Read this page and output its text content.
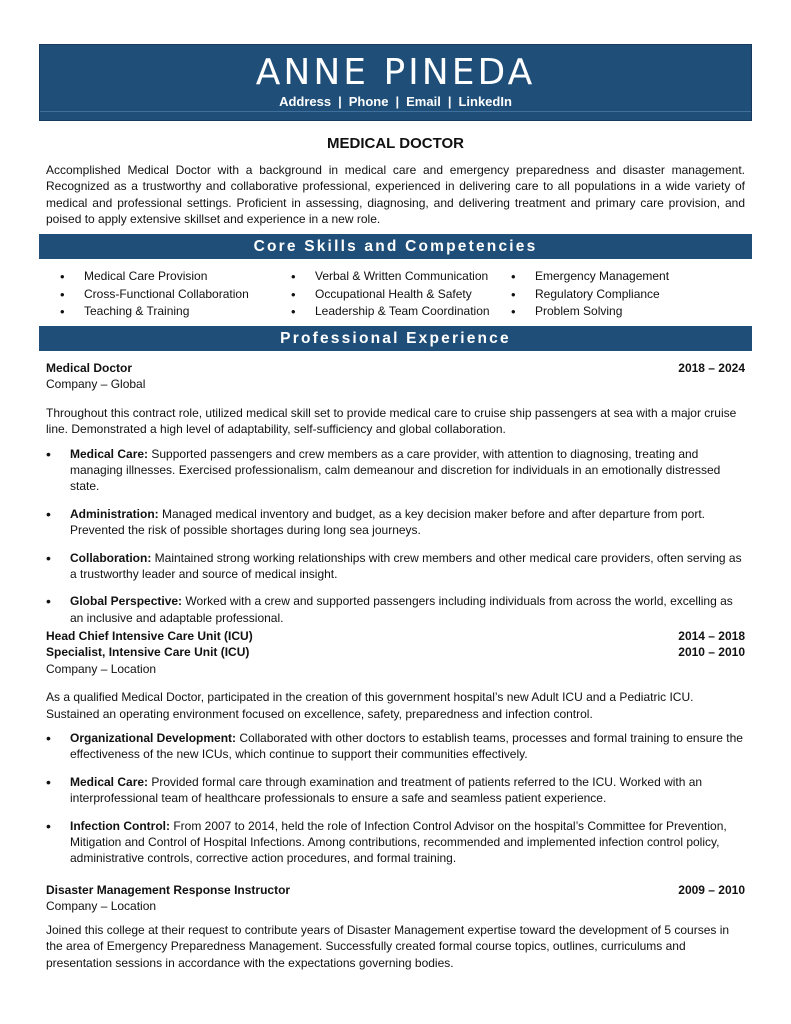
ANNE PINEDA
Address | Phone | Email | LinkedIn
MEDICAL DOCTOR

Accomplished Medical Doctor with a background in medical care and emergency preparedness and disaster management. Recognized as a trustworthy and collaborative professional, experienced in delivering care to all populations in a wide variety of medical and professional settings. Proficient in assessing, diagnosing, and delivering treatment and primary care provision, and poised to apply extensive skillset and experience in a new role.

Core Skills and Competencies
• Medical Care Provision
• Cross-Functional Collaboration
• Teaching & Training
• Verbal & Written Communication
• Occupational Health & Safety
• Leadership & Team Coordination
• Emergency Management
• Regulatory Compliance
• Problem Solving
Professional Experience
Medical Doctor	2018 – 2024
Company – Global
Throughout this contract role, utilized medical skill set to provide medical care to cruise ship passengers at sea with a major cruise line. Demonstrated a high level of adaptability, self-sufficiency and global collaboration.
• Medical Care: Supported passengers and crew members as a care provider, with attention to diagnosing, treating and managing illnesses. Exercised professionalism, calm demeanour and discretion for individuals in an emotionally distressed state.
• Administration: Managed medical inventory and budget, as a key decision maker before and after departure from port. Prevented the risk of possible shortages during long sea journeys.
• Collaboration: Maintained strong working relationships with crew members and other medical care providers, often serving as a trustworthy leader and source of medical insight.
• Global Perspective: Worked with a crew and supported passengers including individuals from across the world, excelling as an inclusive and adaptable professional.
Head Chief Intensive Care Unit (ICU)	2014 – 2018
Specialist, Intensive Care Unit (ICU)	2010 – 2010
Company – Location
As a qualified Medical Doctor, participated in the creation of this government hospital’s new Adult ICU and a Pediatric ICU. Sustained an operating environment focused on excellence, safety, preparedness and infection control.
• Organizational Development: Collaborated with other doctors to establish teams, processes and formal training to ensure the effectiveness of the new ICUs, which continue to support their communities effectively.
• Medical Care: Provided formal care through examination and treatment of patients referred to the ICU. Worked with an interprofessional team of healthcare professionals to ensure a safe and seamless patient experience.
• Infection Control: From 2007 to 2014, held the role of Infection Control Advisor on the hospital’s Committee for Prevention, Mitigation and Control of Hospital Infections. Among contributions, recommended and implemented infection control policy, administrative controls, corrective action procedures, and formal training.
Disaster Management Response Instructor	2009 – 2010
Company – Location
Joined this college at their request to contribute years of Disaster Management expertise toward the development of 5 courses in the area of Emergency Preparedness Management. Successfully created formal course topics, outlines, curriculums and presentation sessions in accordance with the expectations governing bodies.
